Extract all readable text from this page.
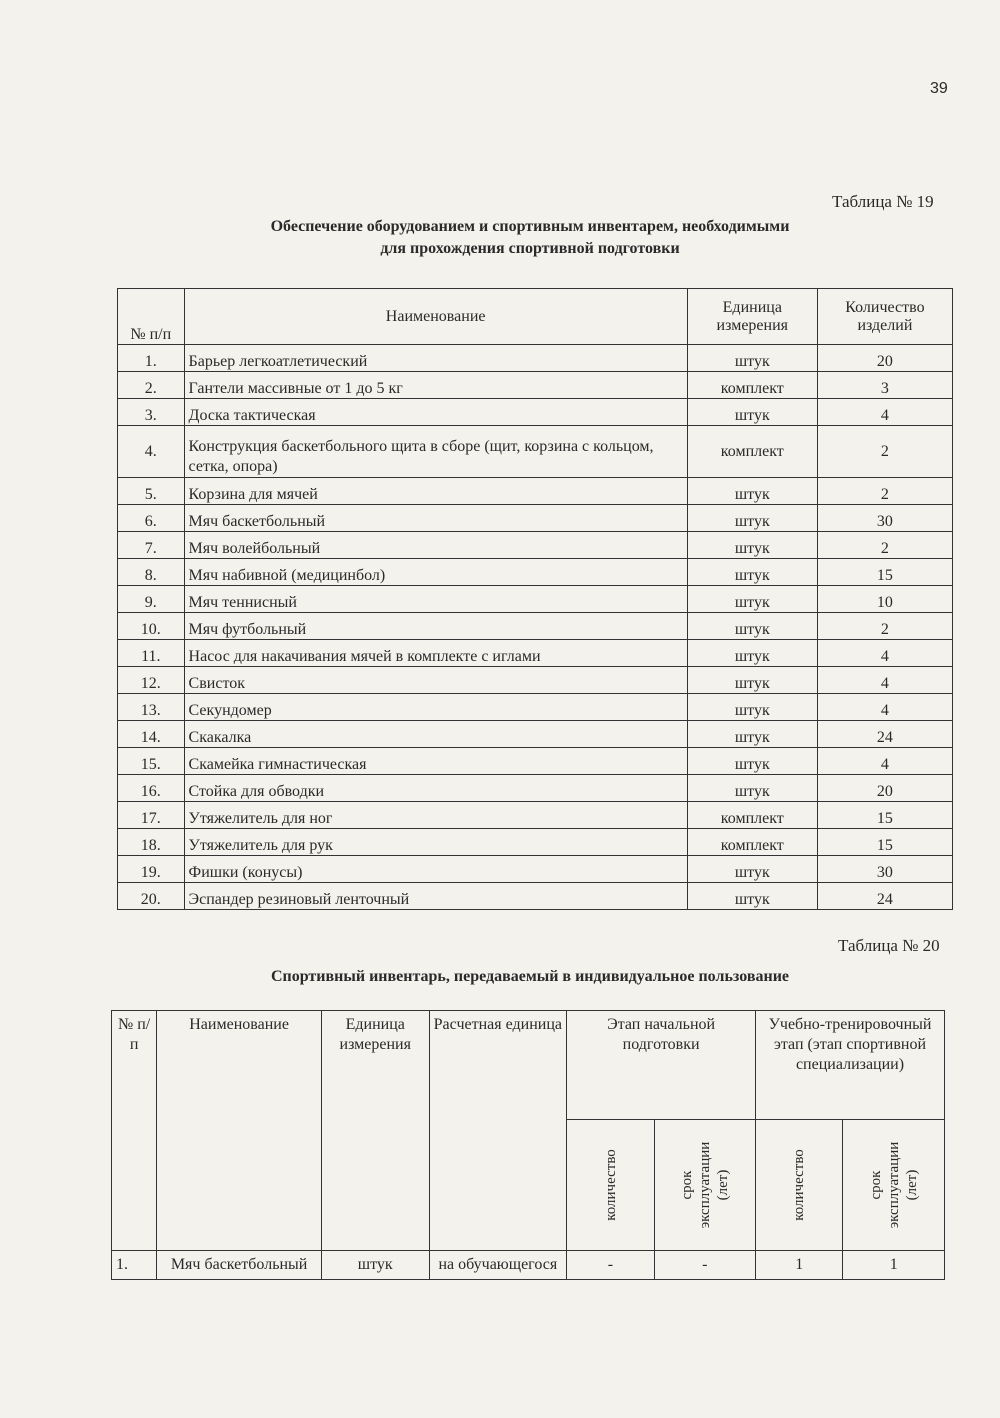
39
Таблица № 19
Обеспечение оборудованием и спортивным инвентарем, необходимыми
для прохождения спортивной подготовки
№ п/п	Наименование	Единица измерения	Количество изделий
1.	Барьер легкоатлетический	штук	20
2.	Гантели массивные от 1 до 5 кг	комплект	3
3.	Доска тактическая	штук	4
4.	Конструкция баскетбольного щита в сборе (щит, корзина с кольцом, сетка, опора)	комплект	2
5.	Корзина для мячей	штук	2
6.	Мяч баскетбольный	штук	30
7.	Мяч волейбольный	штук	2
8.	Мяч набивной (медицинбол)	штук	15
9.	Мяч теннисный	штук	10
10.	Мяч футбольный	штук	2
11.	Насос для накачивания мячей в комплекте с иглами	штук	4
12.	Свисток	штук	4
13.	Секундомер	штук	4
14.	Скакалка	штук	24
15.	Скамейка гимнастическая	штук	4
16.	Стойка для обводки	штук	20
17.	Утяжелитель для ног	комплект	15
18.	Утяжелитель для рук	комплект	15
19.	Фишки (конусы)	штук	30
20.	Эспандер резиновый ленточный	штук	24
Таблица № 20
Спортивный инвентарь, передаваемый в индивидуальное пользование
№ п/п	Наименование	Единица измерения	Расчетная единица	Этап начальной подготовки		Учебно-тренировочный этап (этап спортивной специализации)	
				количество	срок эксплуатации (лет)	количество	срок эксплуатации (лет)
1.	Мяч баскетбольный	штук	на обучающегося	-	-	1	1
